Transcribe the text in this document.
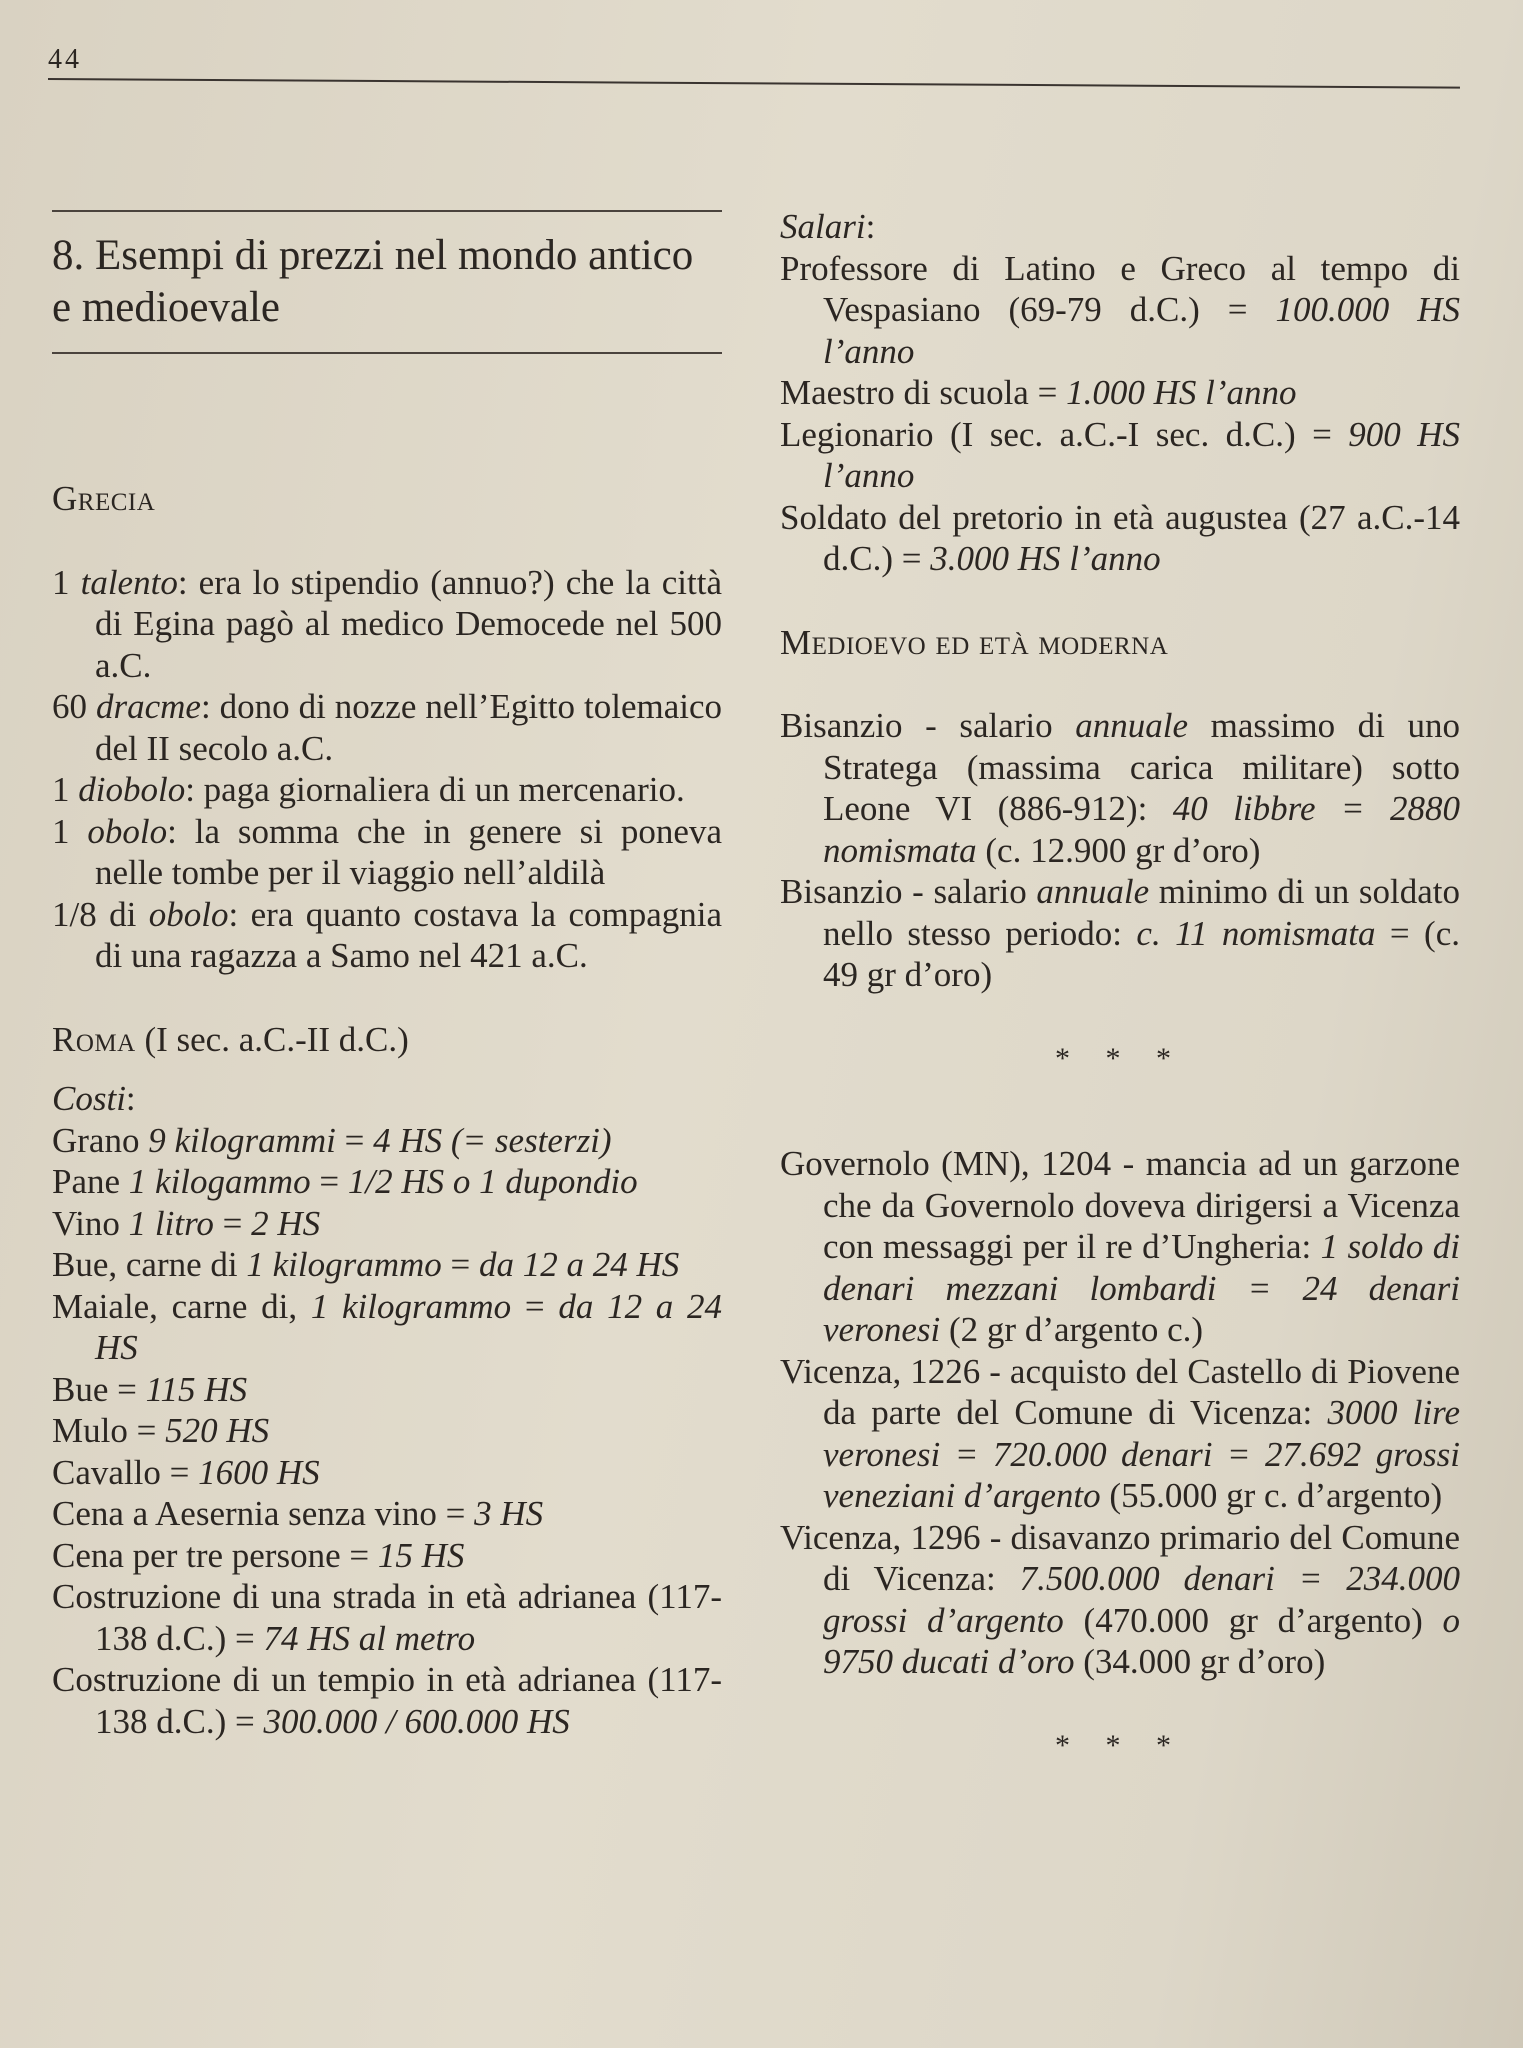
44
8. Esempi di prezzi nel mondo antico e medioevale
Grecia

1 talento: era lo stipendio (annuo?) che la città di Egina pagò al medico Democede nel 500 a.C.

60 dracme: dono di nozze nell’Egitto tolemaico del II secolo a.C.

1 diobolo: paga giornaliera di un mercenario.

1 obolo: la somma che in genere si poneva nelle tombe per il viaggio nell’aldilà

1/8 di obolo: era quanto costava la compagnia di una ragazza a Samo nel 421 a.C.

Roma (I sec. a.C.-II d.C.)
Costi:

Grano 9 kilogrammi = 4 HS (= sesterzi)

Pane 1 kilogammo = 1/2 HS o 1 dupondio

Vino 1 litro = 2 HS

Bue, carne di 1 kilogrammo = da 12 a 24 HS

Maiale, carne di, 1 kilogrammo = da 12 a 24 HS

Bue = 115 HS

Mulo = 520 HS

Cavallo = 1600 HS

Cena a Aesernia senza vino = 3 HS

Cena per tre persone = 15 HS

Costruzione di una strada in età adrianea (117-138 d.C.) = 74 HS al metro

Costruzione di un tempio in età adrianea (117-138 d.C.) = 300.000 / 600.000 HS

Salari:

Professore di Latino e Greco al tempo di Vespasiano (69-79 d.C.) = 100.000 HS l’anno

Maestro di scuola = 1.000 HS l’anno

Legionario (I sec. a.C.-I sec. d.C.) = 900 HS l’anno

Soldato del pretorio in età augustea (27 a.C.-14 d.C.) = 3.000 HS l’anno

Medioevo ed età moderna

Bisanzio - salario annuale massimo di uno Stratega (massima carica militare) sotto Leone VI (886-912): 40 libbre = 2880 nomismata (c. 12.900 gr d’oro)

Bisanzio - salario annuale minimo di un soldato nello stesso periodo: c. 11 nomismata = (c. 49 gr d’oro)

* * *

Governolo (MN), 1204 - mancia ad un garzone che da Governolo doveva dirigersi a Vicenza con messaggi per il re d’Ungheria: 1 soldo di denari mezzani lombardi = 24 denari veronesi (2 gr d’argento c.)

Vicenza, 1226 - acquisto del Castello di Piovene da parte del Comune di Vicenza: 3000 lire veronesi = 720.000 denari = 27.692 grossi veneziani d’argento (55.000 gr c. d’argento)

Vicenza, 1296 - disavanzo primario del Comune di Vicenza: 7.500.000 denari = 234.000 grossi d’argento (470.000 gr d’argento) o 9750 ducati d’oro (34.000 gr d’oro)

* * *
